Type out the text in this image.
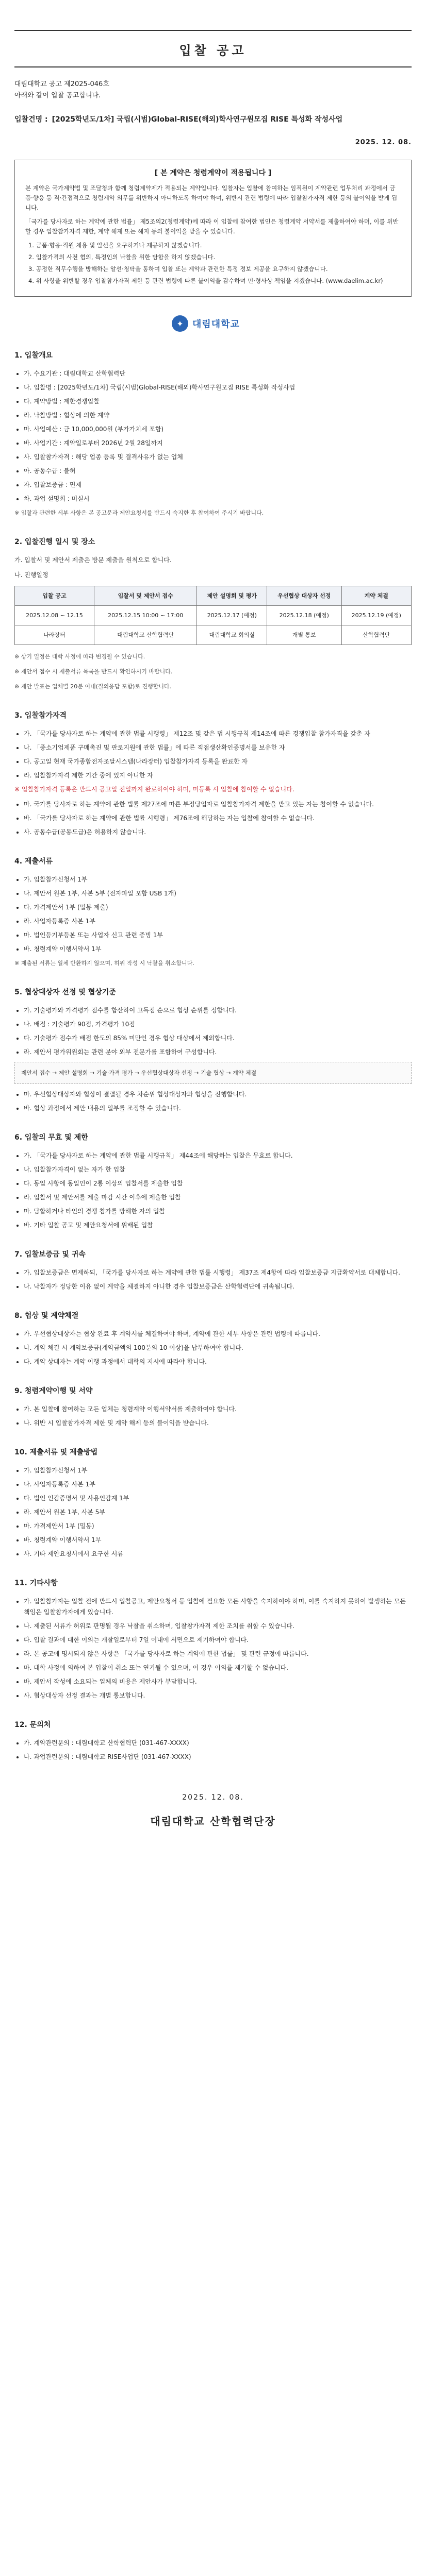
입찰 공고
대림대학교 공고 제2025-046호
아래와 같이 입찰 공고합니다.
입찰건명 : [2025학년도/1차] 국립(시범)Global-RISE(해외)학사연구원모집 RISE 특성화 작성사업
2025. 12. 08.
[ 본 계약은 청렴계약이 적용됩니다 ]

본 계약은 국가계약법 및 조달청과 함께 청렴계약제가 적용되는 계약입니다. 입찰자는 입찰에 참여하는 임직원이 계약관련 업무처리 과정에서 금품·향응 등 직·간접적으로 청렴계약 의무를 위반하지 아니하도록 하여야 하며, 위반시 관련 법령에 따라 입찰참가자격 제한 등의 불이익을 받게 됩니다.

「국가를 당사자로 하는 계약에 관한 법률」 제5조의2(청렴계약)에 따라 이 입찰에 참여한 법인은 청렴계약 서약서를 제출하여야 하며, 이를 위반할 경우 입찰참가자격 제한, 계약 해제 또는 해지 등의 불이익을 받을 수 있습니다.

1. 금품·향응·직원 채용 및 알선을 요구하거나 제공하지 않겠습니다.
2. 입찰가격의 사전 협의, 특정인의 낙찰을 위한 담합을 하지 않겠습니다.
3. 공정한 직무수행을 방해하는 알선·청탁을 통하여 입찰 또는 계약과 관련한 특정 정보 제공을 요구하지 않겠습니다.
4. 위 사항을 위반할 경우 입찰참가자격 제한 등 관련 법령에 따른 불이익을 감수하며 민·형사상 책임을 지겠습니다. (www.daelim.ac.kr)
✦ 대림대학교
1. 입찰개요
• 가. 수요기관 : 대림대학교 산학협력단
• 나. 입찰명 : [2025학년도/1차] 국립(시범)Global-RISE(해외)학사연구원모집 RISE 특성화 작성사업
• 다. 계약방법 : 제한경쟁입찰
• 라. 낙찰방법 : 협상에 의한 계약
• 마. 사업예산 : 금 10,000,000원 (부가가치세 포함)
• 바. 사업기간 : 계약일로부터 2026년 2월 28일까지
• 사. 입찰참가자격 : 해당 업종 등록 및 결격사유가 없는 업체
• 아. 공동수급 : 불허
• 자. 입찰보증금 : 면제
• 차. 과업 설명회 : 미실시

※ 입찰과 관련한 세부 사항은 본 공고문과 제안요청서를 반드시 숙지한 후 참여하여 주시기 바랍니다.

2. 입찰진행 일시 및 장소

가. 입찰서 및 제안서 제출은 방문 제출을 원칙으로 합니다.

나. 진행일정

입찰 공고	입찰서 및 제안서 접수	제안 설명회 및 평가	우선협상 대상자 선정	계약 체결
2025.12.08 ~ 12.15	2025.12.15 10:00 ~ 17:00	2025.12.17 (예정)	2025.12.18 (예정)	2025.12.19 (예정)
나라장터	대림대학교 산학협력단	대림대학교 회의실	개별 통보	산학협력단

※ 상기 일정은 대학 사정에 따라 변경될 수 있습니다.

※ 제안서 접수 시 제출서류 목록을 반드시 확인하시기 바랍니다.

※ 제안 발표는 업체별 20분 이내(질의응답 포함)로 진행합니다.

3. 입찰참가자격
• 가. 「국가를 당사자로 하는 계약에 관한 법률 시행령」 제12조 및 같은 법 시행규칙 제14조에 따른 경쟁입찰 참가자격을 갖춘 자
• 나. 「중소기업제품 구매촉진 및 판로지원에 관한 법률」에 따른 직접생산확인증명서를 보유한 자
• 다. 공고일 현재 국가종합전자조달시스템(나라장터) 입찰참가자격 등록을 완료한 자
• 라. 입찰참가자격 제한 기간 중에 있지 아니한 자

※ 입찰참가자격 등록은 반드시 공고일 전일까지 완료하여야 하며, 미등록 시 입찰에 참여할 수 없습니다.

• 마. 국가를 당사자로 하는 계약에 관한 법률 제27조에 따른 부정당업자로 입찰참가자격 제한을 받고 있는 자는 참여할 수 없습니다.
• 바. 「국가를 당사자로 하는 계약에 관한 법률 시행령」 제76조에 해당하는 자는 입찰에 참여할 수 없습니다.
• 사. 공동수급(공동도급)은 허용하지 않습니다.
4. 제출서류
• 가. 입찰참가신청서 1부
• 나. 제안서 원본 1부, 사본 5부 (전자파일 포함 USB 1개)
• 다. 가격제안서 1부 (밀봉 제출)
• 라. 사업자등록증 사본 1부
• 마. 법인등기부등본 또는 사업자 신고 관련 증빙 1부
• 바. 청렴계약 이행서약서 1부

※ 제출된 서류는 일체 반환하지 않으며, 허위 작성 시 낙찰을 취소합니다.

5. 협상대상자 선정 및 협상기준
• 가. 기술평가와 가격평가 점수를 합산하여 고득점 순으로 협상 순위를 정합니다.
• 나. 배점 : 기술평가 90점, 가격평가 10점
• 다. 기술평가 점수가 배점 한도의 85% 미만인 경우 협상 대상에서 제외합니다.
• 라. 제안서 평가위원회는 관련 분야 외부 전문가를 포함하여 구성합니다.
제안서 접수 → 제안 설명회 → 기술·가격 평가 → 우선협상대상자 선정 → 기술 협상 → 계약 체결
• 마. 우선협상대상자와 협상이 결렬될 경우 차순위 협상대상자와 협상을 진행합니다.
• 바. 협상 과정에서 제안 내용의 일부를 조정할 수 있습니다.
6. 입찰의 무효 및 제한
• 가. 「국가를 당사자로 하는 계약에 관한 법률 시행규칙」 제44조에 해당하는 입찰은 무효로 합니다.
• 나. 입찰참가자격이 없는 자가 한 입찰
• 다. 동일 사항에 동일인이 2통 이상의 입찰서를 제출한 입찰
• 라. 입찰서 및 제안서를 제출 마감 시간 이후에 제출한 입찰
• 마. 담합하거나 타인의 경쟁 참가를 방해한 자의 입찰
• 바. 기타 입찰 공고 및 제안요청서에 위배된 입찰
7. 입찰보증금 및 귀속
• 가. 입찰보증금은 면제하되, 「국가를 당사자로 하는 계약에 관한 법률 시행령」 제37조 제4항에 따라 입찰보증금 지급확약서로 대체합니다.
• 나. 낙찰자가 정당한 이유 없이 계약을 체결하지 아니한 경우 입찰보증금은 산학협력단에 귀속됩니다.
8. 협상 및 계약체결
• 가. 우선협상대상자는 협상 완료 후 계약서를 체결하여야 하며, 계약에 관한 세부 사항은 관련 법령에 따릅니다.
• 나. 계약 체결 시 계약보증금(계약금액의 100분의 10 이상)을 납부하여야 합니다.
• 다. 계약 상대자는 계약 이행 과정에서 대학의 지시에 따라야 합니다.
9. 청렴계약이행 및 서약
• 가. 본 입찰에 참여하는 모든 업체는 청렴계약 이행서약서를 제출하여야 합니다.
• 나. 위반 시 입찰참가자격 제한 및 계약 해제 등의 불이익을 받습니다.
10. 제출서류 및 제출방법
• 가. 입찰참가신청서 1부
• 나. 사업자등록증 사본 1부
• 다. 법인 인감증명서 및 사용인감계 1부
• 라. 제안서 원본 1부, 사본 5부
• 마. 가격제안서 1부 (밀봉)
• 바. 청렴계약 이행서약서 1부
• 사. 기타 제안요청서에서 요구한 서류
11. 기타사항
• 가. 입찰참가자는 입찰 전에 반드시 입찰공고, 제안요청서 등 입찰에 필요한 모든 사항을 숙지하여야 하며, 이를 숙지하지 못하여 발생하는 모든 책임은 입찰참가자에게 있습니다.
• 나. 제출된 서류가 허위로 판명될 경우 낙찰을 취소하며, 입찰참가자격 제한 조치를 취할 수 있습니다.
• 다. 입찰 결과에 대한 이의는 개찰일로부터 7일 이내에 서면으로 제기하여야 합니다.
• 라. 본 공고에 명시되지 않은 사항은 「국가를 당사자로 하는 계약에 관한 법률」 및 관련 규정에 따릅니다.
• 마. 대학 사정에 의하여 본 입찰이 취소 또는 연기될 수 있으며, 이 경우 이의를 제기할 수 없습니다.
• 바. 제안서 작성에 소요되는 일체의 비용은 제안사가 부담합니다.
• 사. 협상대상자 선정 결과는 개별 통보합니다.
12. 문의처
• 가. 계약관련문의 : 대림대학교 산학협력단 (031-467-XXXX)
• 나. 과업관련문의 : 대림대학교 RISE사업단 (031-467-XXXX)
2025. 12. 08.
대림대학교 산학협력단장
